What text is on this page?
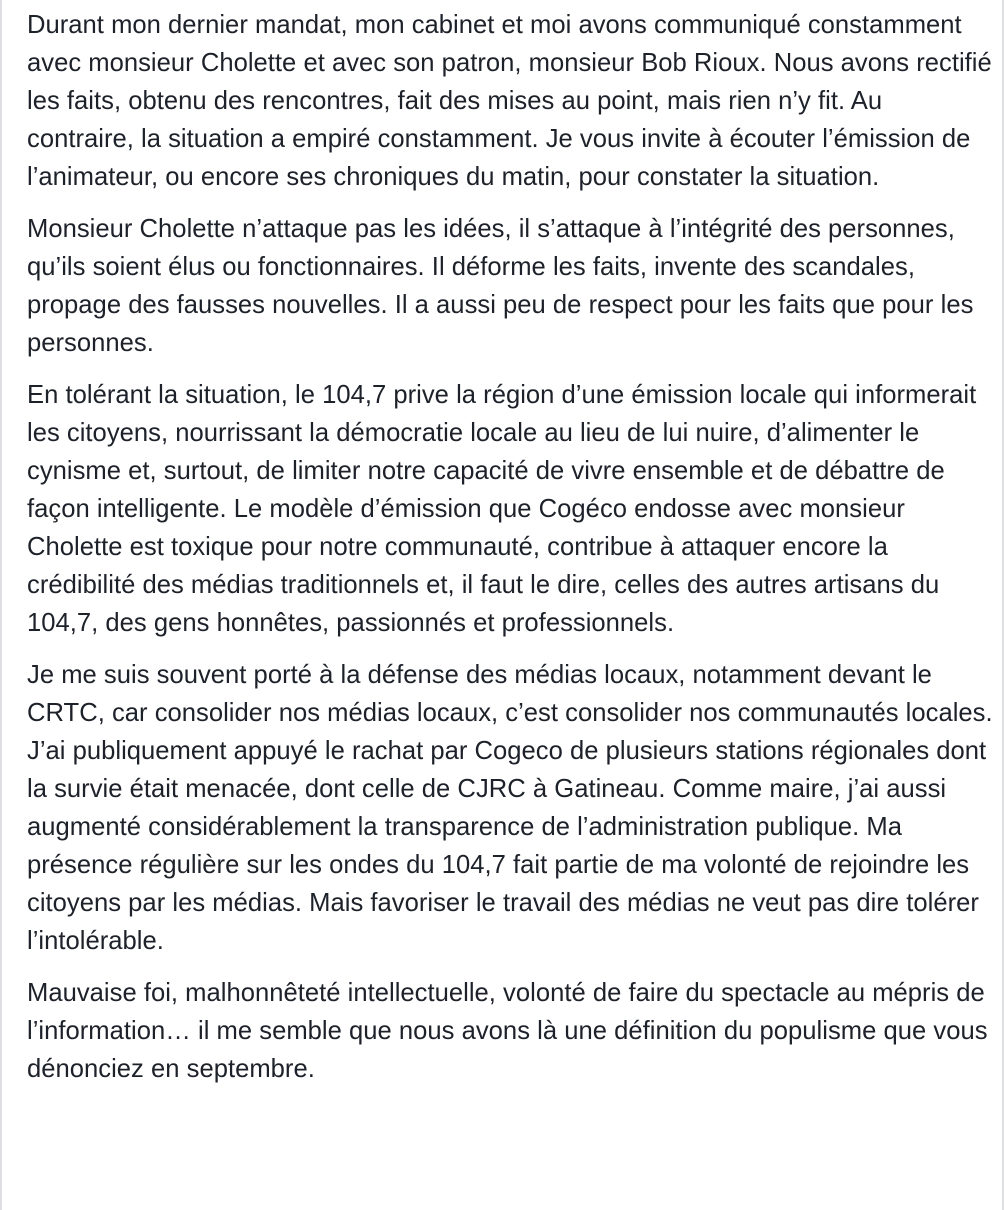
Durant mon dernier mandat, mon cabinet et moi avons communiqué constamment avec monsieur Cholette et avec son patron, monsieur Bob Rioux. Nous avons rectifié les faits, obtenu des rencontres, fait des mises au point, mais rien n’y fit. Au contraire, la situation a empiré constamment. Je vous invite à écouter l’émission de l’animateur, ou encore ses chroniques du matin, pour constater la situation.

Monsieur Cholette n’attaque pas les idées, il s’attaque à l’intégrité des personnes, qu’ils soient élus ou fonctionnaires. Il déforme les faits, invente des scandales, propage des fausses nouvelles. Il a aussi peu de respect pour les faits que pour les personnes.

En tolérant la situation, le 104,7 prive la région d’une émission locale qui informerait les citoyens, nourrissant la démocratie locale au lieu de lui nuire, d’alimenter le cynisme et, surtout, de limiter notre capacité de vivre ensemble et de débattre de façon intelligente. Le modèle d’émission que Cogéco endosse avec monsieur Cholette est toxique pour notre communauté, contribue à attaquer encore la crédibilité des médias traditionnels et, il faut le dire, celles des autres artisans du 104,7, des gens honnêtes, passionnés et professionnels.

Je me suis souvent porté à la défense des médias locaux, notamment devant le CRTC, car consolider nos médias locaux, c’est consolider nos communautés locales. J’ai publiquement appuyé le rachat par Cogeco de plusieurs stations régionales dont la survie était menacée, dont celle de CJRC à Gatineau. Comme maire, j’ai aussi augmenté considérablement la transparence de l’administration publique. Ma présence régulière sur les ondes du 104,7 fait partie de ma volonté de rejoindre les citoyens par les médias. Mais favoriser le travail des médias ne veut pas dire tolérer l’intolérable.

Mauvaise foi, malhonnêteté intellectuelle, volonté de faire du spectacle au mépris de l’information… il me semble que nous avons là une définition du populisme que vous dénonciez en septembre.
